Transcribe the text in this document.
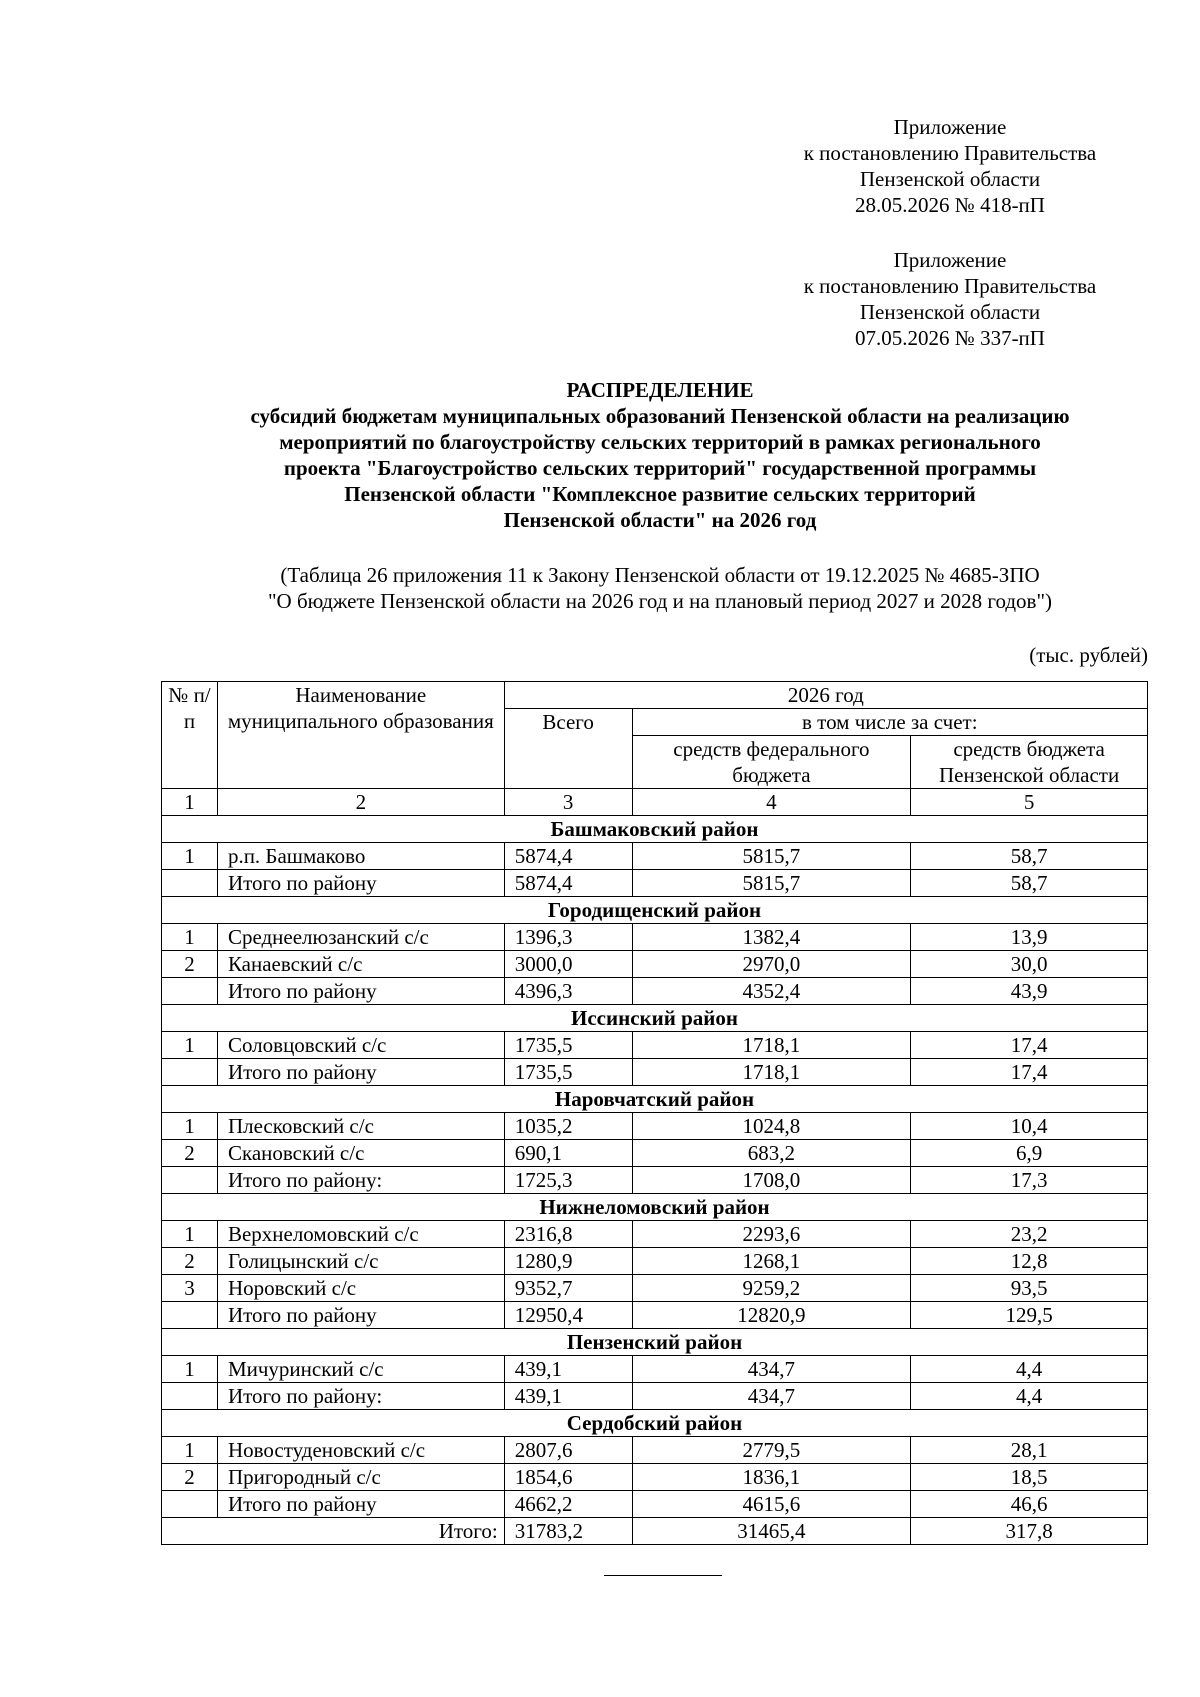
Приложение
к постановлению Правительства
Пензенской области
28.05.2026 № 418-пП
Приложение
к постановлению Правительства
Пензенской области
07.05.2026 № 337-пП
РАСПРЕДЕЛЕНИЕ
субсидий бюджетам муниципальных образований Пензенской области на реализацию
мероприятий по благоустройству сельских территорий в рамках регионального
проекта "Благоустройство сельских территорий" государственной программы
Пензенской области "Комплексное развитие сельских территорий
Пензенской области" на 2026 год
(Таблица 26 приложения 11 к Закону Пензенской области от 19.12.2025 № 4685-ЗПО
"О бюджете Пензенской области на 2026 год и на плановый период 2027 и 2028 годов")
(тыс. рублей)
№ п/п	Наименование муниципального образования	2026 год		
		Всего	в том числе за счет:	
			средств федерального бюджета	средств бюджета Пензенской области
1	2	3	4	5
Башмаковский район				
1	р.п. Башмаково	5874,4	5815,7	58,7
	Итого по району	5874,4	5815,7	58,7
Городищенский район				
1	Среднеелюзанский с/с	1396,3	1382,4	13,9
2	Канаевский с/с	3000,0	2970,0	30,0
	Итого по району	4396,3	4352,4	43,9
Иссинский район				
1	Соловцовский с/с	1735,5	1718,1	17,4
	Итого по району	1735,5	1718,1	17,4
Наровчатский район				
1	Плесковский с/с	1035,2	1024,8	10,4
2	Скановский с/с	690,1	683,2	6,9
	Итого по району:	1725,3	1708,0	17,3
Нижнеломовский район				
1	Верхнеломовский с/с	2316,8	2293,6	23,2
2	Голицынский с/с	1280,9	1268,1	12,8
3	Норовский с/с	9352,7	9259,2	93,5
	Итого по району	12950,4	12820,9	129,5
Пензенский район				
1	Мичуринский с/с	439,1	434,7	4,4
	Итого по району:	439,1	434,7	4,4
Сердобский район				
1	Новостуденовский с/с	2807,6	2779,5	28,1
2	Пригородный с/с	1854,6	1836,1	18,5
	Итого по району	4662,2	4615,6	46,6
Итого:		31783,2	31465,4	317,8
